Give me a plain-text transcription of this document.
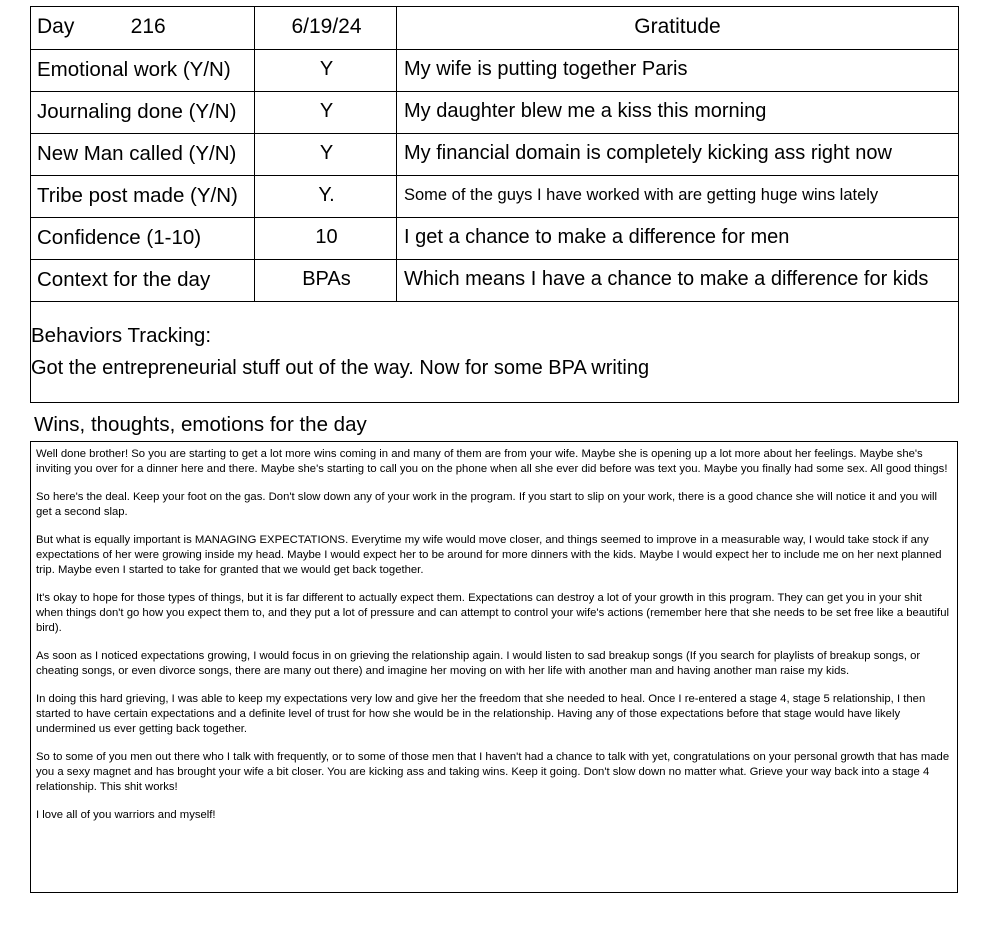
Day 216	6/19/24	Gratitude

Emotional work (Y/N)	Y	My wife is putting together Paris

Journaling done (Y/N)	Y	My daughter blew me a kiss this morning

New Man called (Y/N)	Y	My financial domain is completely kicking ass right now

Tribe post made (Y/N)	Y.	Some of the guys I have worked with are getting huge wins lately

Confidence (1-10)	10	I get a chance to make a difference for men

Context for the day	BPAs	Which means I have a chance to make a difference for kids

Behaviors Tracking:
Got the entrepreneurial stuff out of the way. Now for some BPA writing		
Wins, thoughts, emotions for the day

Well done brother! So you are starting to get a lot more wins coming in and many of them are from your wife. Maybe she is opening up a lot more about her feelings. Maybe she's inviting you over for a dinner here and there. Maybe she's starting to call you on the phone when all she ever did before was text you. Maybe you finally had some sex. All good things!

So here's the deal. Keep your foot on the gas. Don't slow down any of your work in the program. If you start to slip on your work, there is a good chance she will notice it and you will get a second slap.

But what is equally important is MANAGING EXPECTATIONS. Everytime my wife would move closer, and things seemed to improve in a measurable way, I would take stock if any expectations of her were growing inside my head. Maybe I would expect her to be around for more dinners with the kids. Maybe I would expect her to include me on her next planned trip. Maybe even I started to take for granted that we would get back together.

It's okay to hope for those types of things, but it is far different to actually expect them. Expectations can destroy a lot of your growth in this program. They can get you in your shit when things don't go how you expect them to, and they put a lot of pressure and can attempt to control your wife's actions (remember here that she needs to be set free like a beautiful bird).

As soon as I noticed expectations growing, I would focus in on grieving the relationship again. I would listen to sad breakup songs (If you search for playlists of breakup songs, or cheating songs, or even divorce songs, there are many out there) and imagine her moving on with her life with another man and having another man raise my kids.

In doing this hard grieving, I was able to keep my expectations very low and give her the freedom that she needed to heal. Once I re-entered a stage 4, stage 5 relationship, I then started to have certain expectations and a definite level of trust for how she would be in the relationship. Having any of those expectations before that stage would have likely undermined us ever getting back together.

So to some of you men out there who I talk with frequently, or to some of those men that I haven't had a chance to talk with yet, congratulations on your personal growth that has made you a sexy magnet and has brought your wife a bit closer. You are kicking ass and taking wins. Keep it going. Don't slow down no matter what. Grieve your way back into a stage 4 relationship. This shit works!

I love all of you warriors and myself!
